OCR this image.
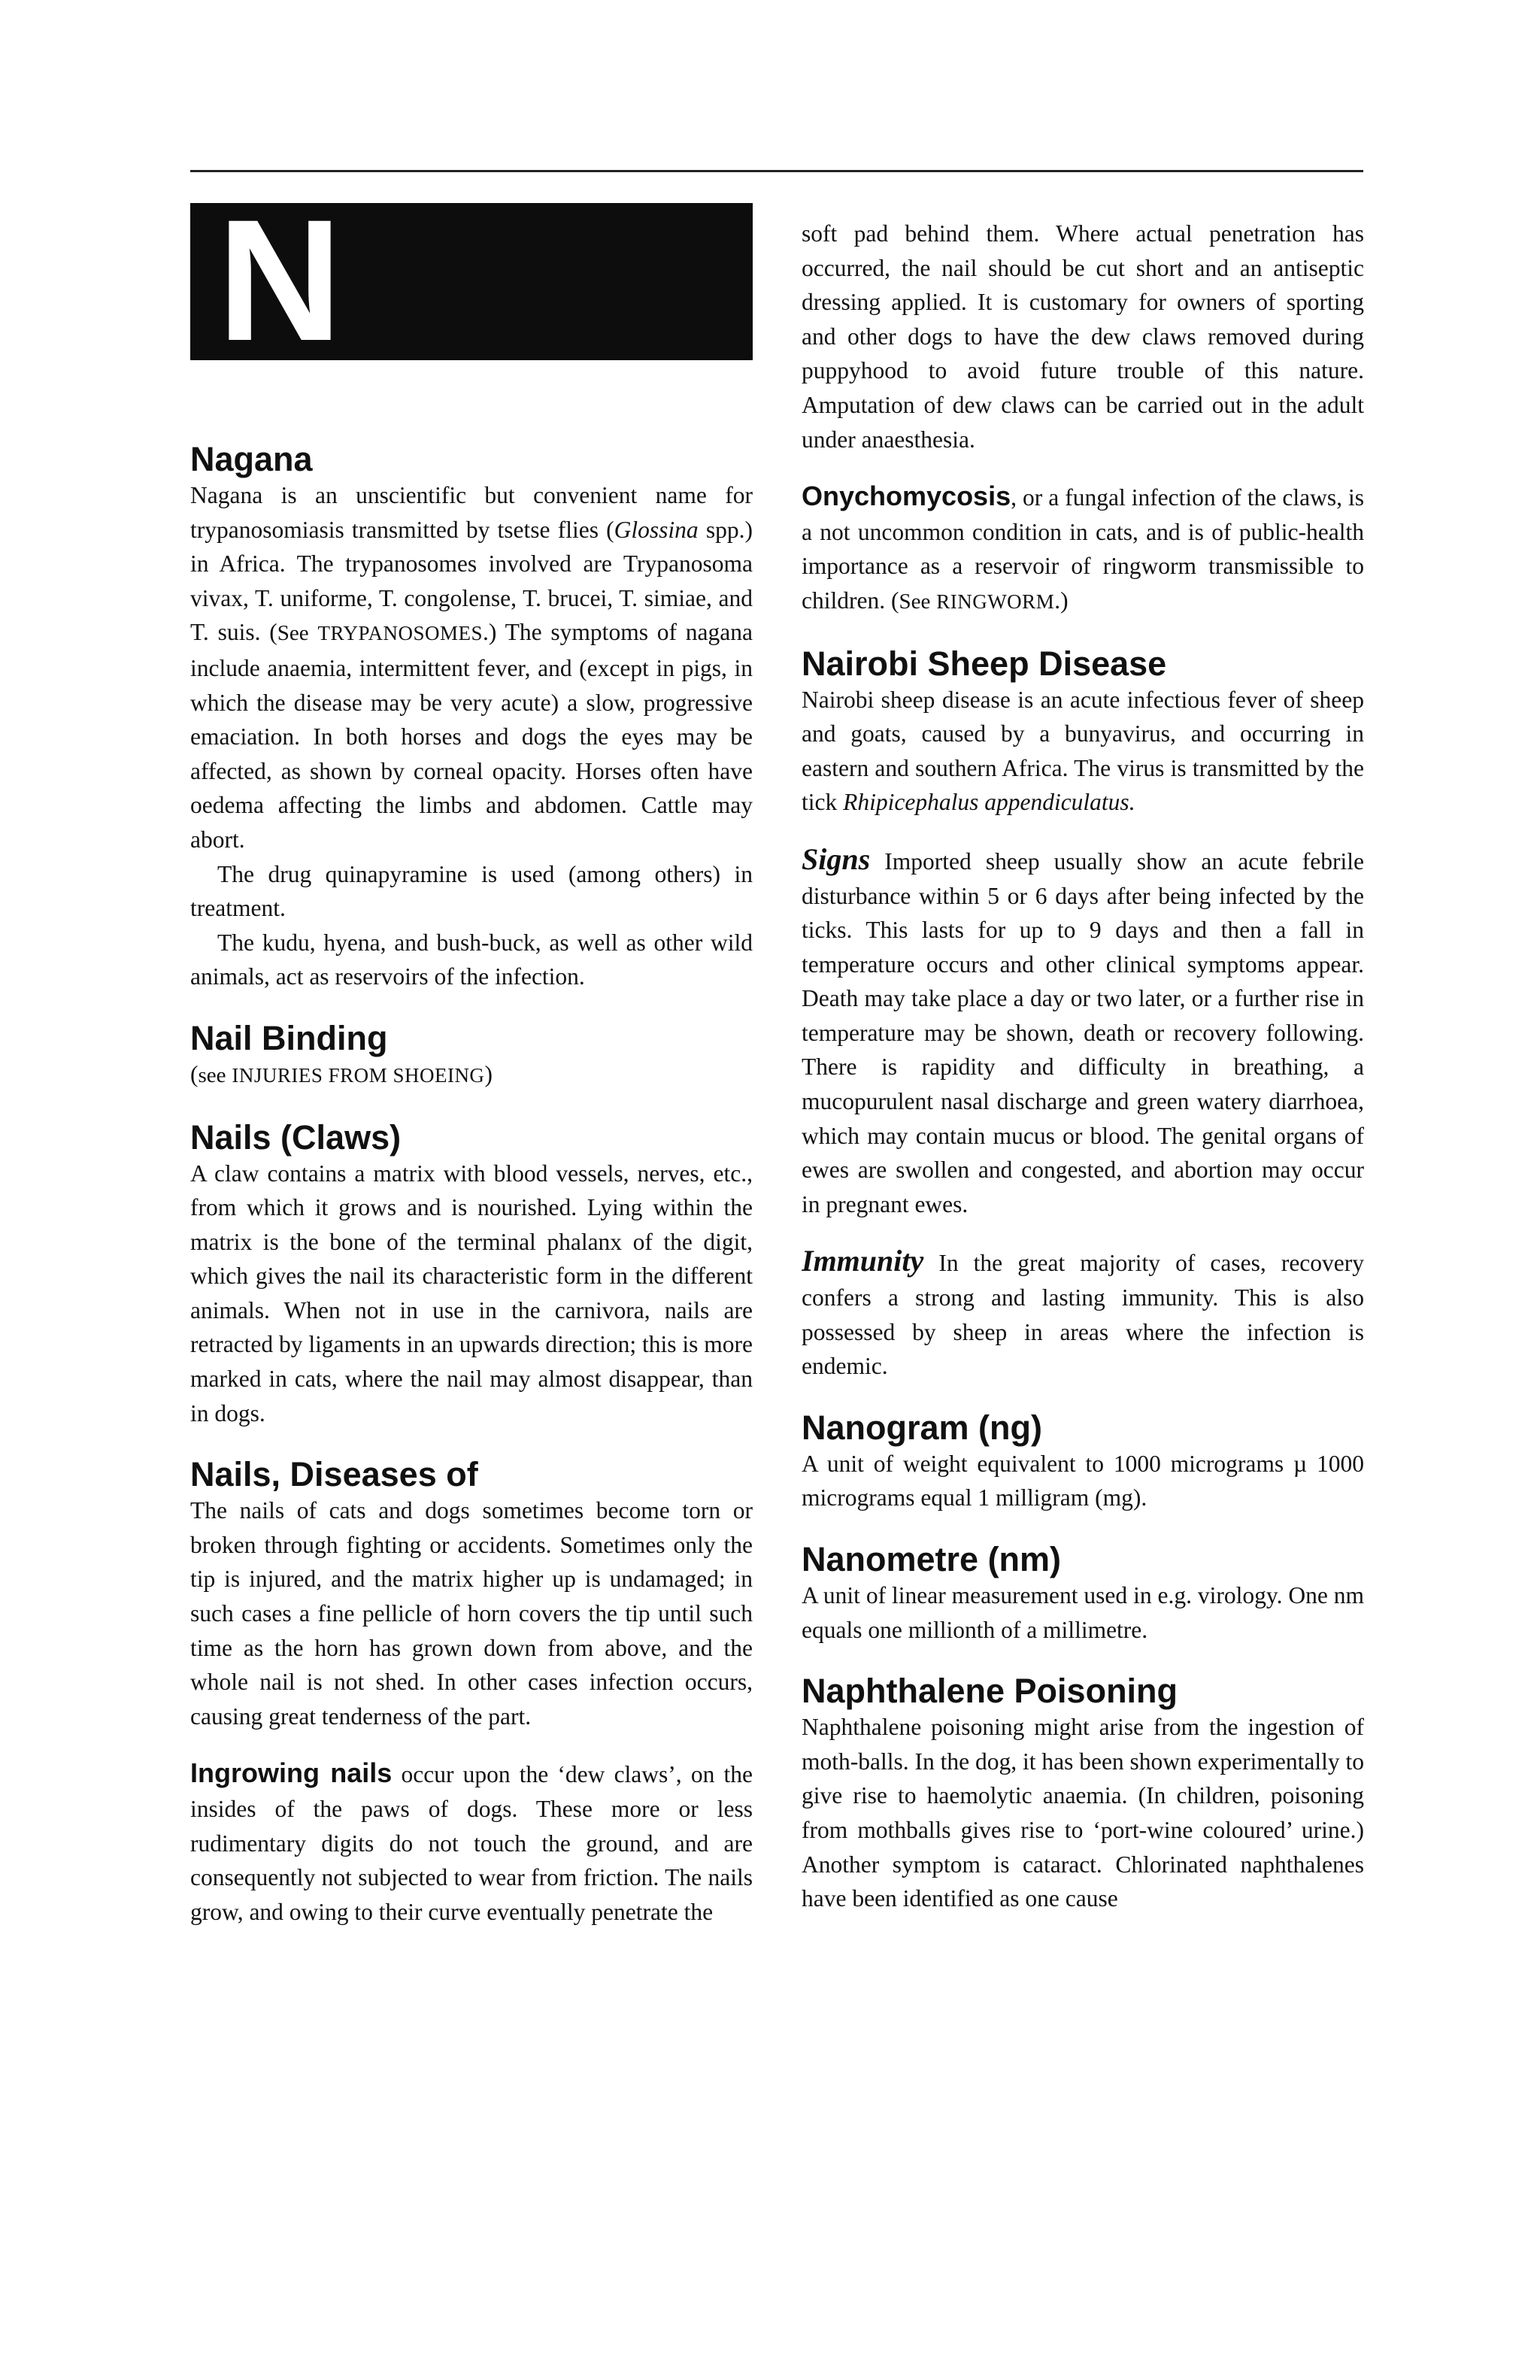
N
Nagana

Nagana is an unscientific but convenient name for trypanosomiasis transmitted by tsetse flies (Glossina spp.) in Africa. The trypanosomes involved are Trypanosoma vivax, T. uniforme, T. congolense, T. brucei, T. simiae, and T. suis. (See TRYPANOSOMES.) The symptoms of nagana include anaemia, intermittent fever, and (except in pigs, in which the disease may be very acute) a slow, progressive emaciation. In both horses and dogs the eyes may be affected, as shown by corneal opacity. Horses often have oedema affecting the limbs and abdomen. Cattle may abort.

The drug quinapyramine is used (among others) in treatment.

The kudu, hyena, and bush-buck, as well as other wild animals, act as reservoirs of the infection.

Nail Binding

(see INJURIES FROM SHOEING)

Nails (Claws)

A claw contains a matrix with blood vessels, nerves, etc., from which it grows and is nourished. Lying within the matrix is the bone of the terminal phalanx of the digit, which gives the nail its characteristic form in the different animals. When not in use in the carnivora, nails are retracted by ligaments in an upwards direction; this is more marked in cats, where the nail may almost disappear, than in dogs.

Nails, Diseases of

The nails of cats and dogs sometimes become torn or broken through fighting or accidents. Sometimes only the tip is injured, and the matrix higher up is undamaged; in such cases a fine pellicle of horn covers the tip until such time as the horn has grown down from above, and the whole nail is not shed. In other cases infection occurs, causing great tenderness of the part.

Ingrowing nails occur upon the ‘dew claws’, on the insides of the paws of dogs. These more or less rudimentary digits do not touch the ground, and are consequently not subjected to wear from friction. The nails grow, and owing to their curve eventually penetrate the

soft pad behind them. Where actual penetration has occurred, the nail should be cut short and an antiseptic dressing applied. It is customary for owners of sporting and other dogs to have the dew claws removed during puppyhood to avoid future trouble of this nature. Amputation of dew claws can be carried out in the adult under anaesthesia.

Onychomycosis, or a fungal infection of the claws, is a not uncommon condition in cats, and is of public-health importance as a reservoir of ringworm transmissible to children. (See RINGWORM.)

Nairobi Sheep Disease

Nairobi sheep disease is an acute infectious fever of sheep and goats, caused by a bunyavirus, and occurring in eastern and southern Africa. The virus is transmitted by the tick Rhipicephalus appendiculatus.

Signs Imported sheep usually show an acute febrile disturbance within 5 or 6 days after being infected by the ticks. This lasts for up to 9 days and then a fall in temperature occurs and other clinical symptoms appear. Death may take place a day or two later, or a further rise in temperature may be shown, death or recovery following. There is rapidity and difficulty in breathing, a mucopurulent nasal discharge and green watery diarrhoea, which may contain mucus or blood. The genital organs of ewes are swollen and congested, and abortion may occur in pregnant ewes.

Immunity In the great majority of cases, recovery confers a strong and lasting immunity. This is also possessed by sheep in areas where the infection is endemic.

Nanogram (ng)

A unit of weight equivalent to 1000 micrograms µ 1000 micrograms equal 1 milligram (mg).

Nanometre (nm)

A unit of linear measurement used in e.g. virology. One nm equals one millionth of a millimetre.

Naphthalene Poisoning

Naphthalene poisoning might arise from the ingestion of moth-balls. In the dog, it has been shown experimentally to give rise to haemolytic anaemia. (In children, poisoning from mothballs gives rise to ‘port-wine coloured’ urine.) Another symptom is cataract. Chlorinated naphthalenes have been identified as one cause
